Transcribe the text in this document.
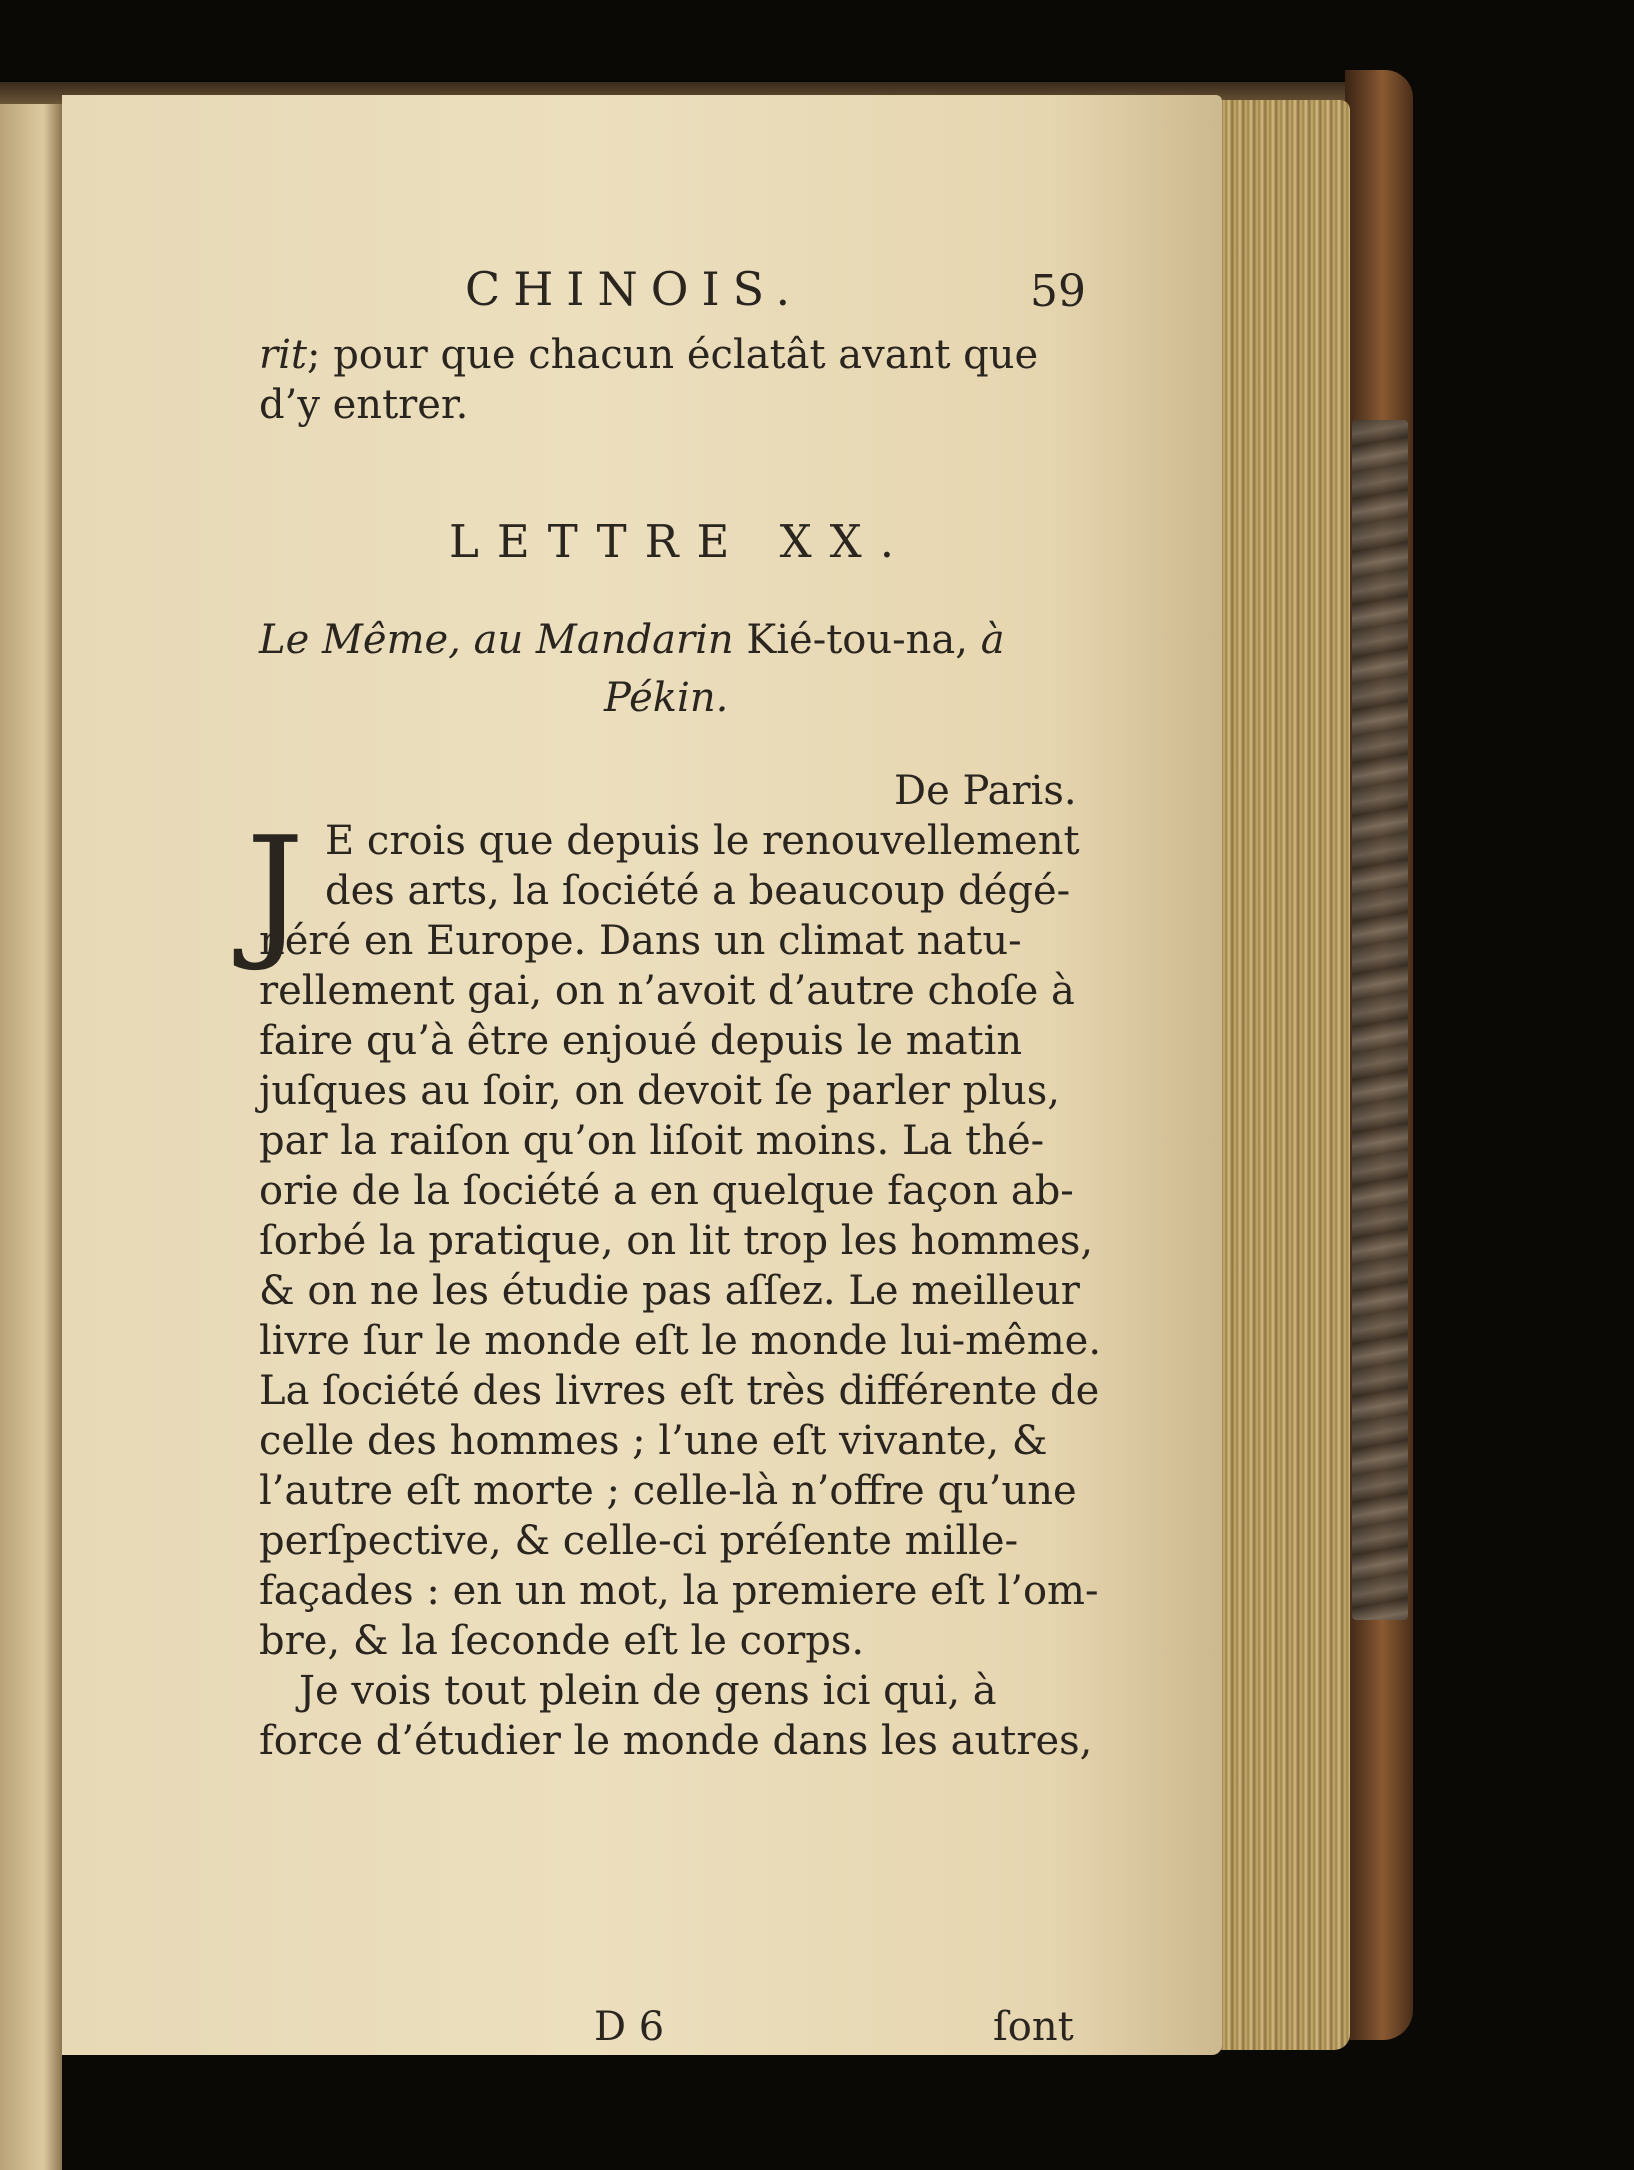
CHINOIS.	59
rit; pour que chacun éclatât avant que
d’y entrer.
LETTRE XX.
Le Même, au Mandarin Kié-tou-na, à
Pékin.
De Paris.
J E crois que depuis le renouvellement
des arts, la ſociété a beaucoup dégé-
néré en Europe. Dans un climat natu-
rellement gai, on n’avoit d’autre choſe à
faire qu’à être enjoué depuis le matin
juſques au ſoir, on devoit ſe parler plus,
par la raiſon qu’on liſoit moins. La thé-
orie de la ſociété a en quelque façon ab-
ſorbé la pratique, on lit trop les hommes,
& on ne les étudie pas aſſez. Le meilleur
livre ſur le monde eſt le monde lui-même.
La ſociété des livres eſt très différente de
celle des hommes ; l’une eſt vivante, &
l’autre eſt morte ; celle-là n’offre qu’une
perſpective, & celle-ci préſente mille-
façades : en un mot, la premiere eſt l’om-
bre, & la ſeconde eſt le corps.
Je vois tout plein de gens ici qui, à
force d’étudier le monde dans les autres,
D 6	ſont
